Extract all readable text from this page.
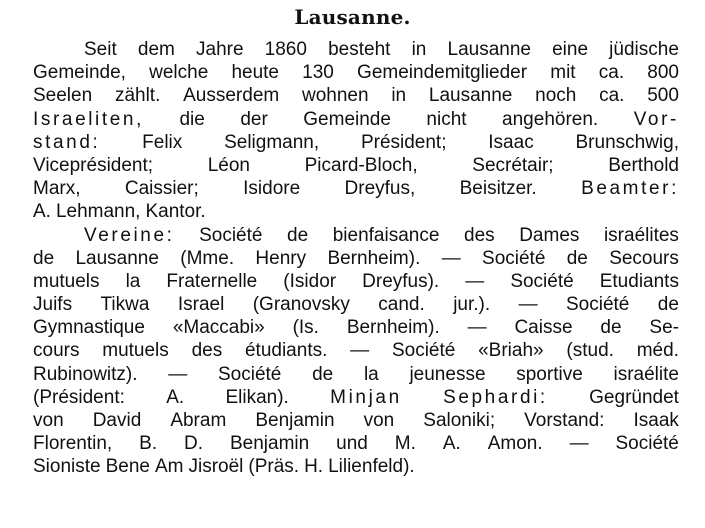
Lausanne.
Seit dem Jahre 1860 besteht in Lausanne eine jüdische
Gemeinde, welche heute 130 Gemeindemitglieder mit ca. 800
Seelen zählt. Ausserdem wohnen in Lausanne noch ca. 500
Israeliten, die der Gemeinde nicht angehören. Vor-
stand: Felix Seligmann, Président; Isaac Brunschwig,
Viceprésident;	Léon	Picard-Bloch,	Secrétair;	Berthold
Marx, Caissier; Isidore Dreyfus, Beisitzer. Beamter:
A. Lehmann, Kantor.
Vereine: Société de bienfaisance des Dames israélites
de Lausanne (Mme. Henry Bernheim). — Société de Secours
mutuels la Fraternelle (Isidor Dreyfus). — Société Etudiants
Juifs Tikwa Israel (Granovsky cand. jur.). — Société de
Gymnastique «Maccabi» (Is. Bernheim). — Caisse de Se-
cours mutuels des étudiants. — Société «Briah» (stud. méd.
Rubinowitz). — Société de la jeunesse sportive israélite
(Président: A. Elikan). Minjan Sephardi: Gegründet
von David Abram Benjamin von Saloniki; Vorstand: Isaak
Florentin, B. D. Benjamin und M. A. Amon. — Société
Sioniste Bene Am Jisroël (Präs. H. Lilienfeld).
